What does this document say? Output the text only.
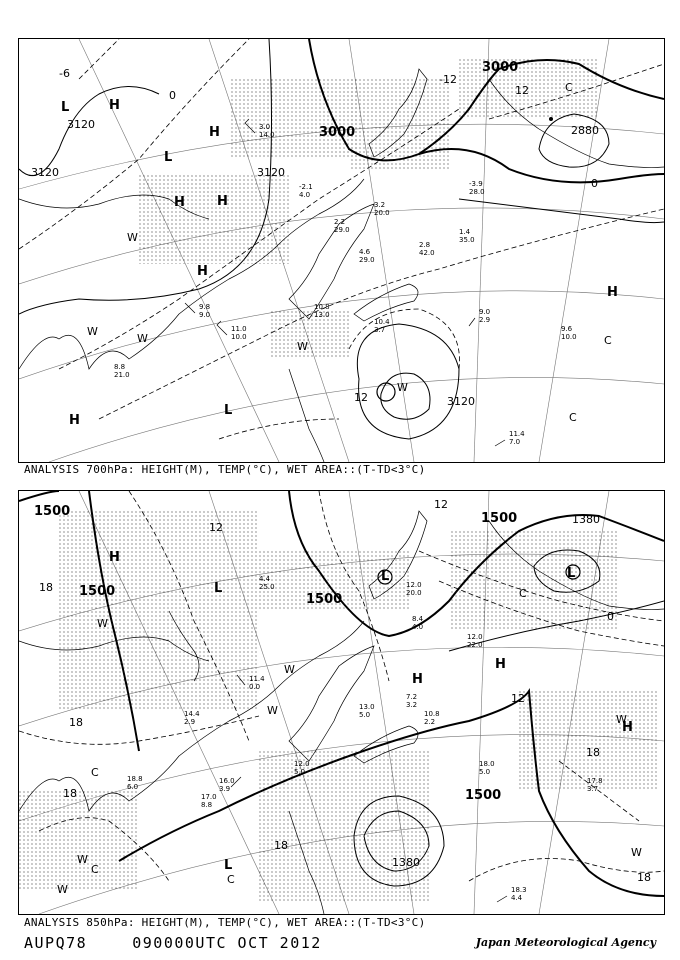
3120
3120	3120
3120
3000
3000
2880
-6
0
-12
12
0
12
L	H
H
L
H H
H
W
W
W
W
L
H
H
C
C
C
W
3.0
14.0
11.0
10.0
9.0
2.9
9.6
10.0
10.4
3.7
11.4
7.0
8.8
21.0
9.8
9.0
10.8
13.0
4.6
29.0
2.2
29.0
2.8
42.0
1.4
35.0
-3.9
28.0
-2.1
4.0
3.2
20.0
ANALYSIS 700hPa: HEIGHT(M), TEMP(°C), WET AREA::(T-TD<3°C)
1500
1500
1500
1500
1500
1380
1380
18
12
0
18
12
18
18
18
18
12
H
L
L	L
H
H
W
W
W
W
W
C
C
C
C
L
H
W
W
12.0
20.0
11.4
0.0
14.4
2.9
16.0
3.9
17.0
8.8
18.0
5.0
12.0
22.0
10.8
2.2
7.2
3.2
13.0
5.0
18.8
6.0
17.8
3.7
18.3
4.4
12.0
5.0
4.4
25.0
8.4
4.0
ANALYSIS 850hPa: HEIGHT(M), TEMP(°C), WET AREA::(T-TD<3°C)
AUPQ78	090000UTC OCT 2012	Japan Meteorological Agency
